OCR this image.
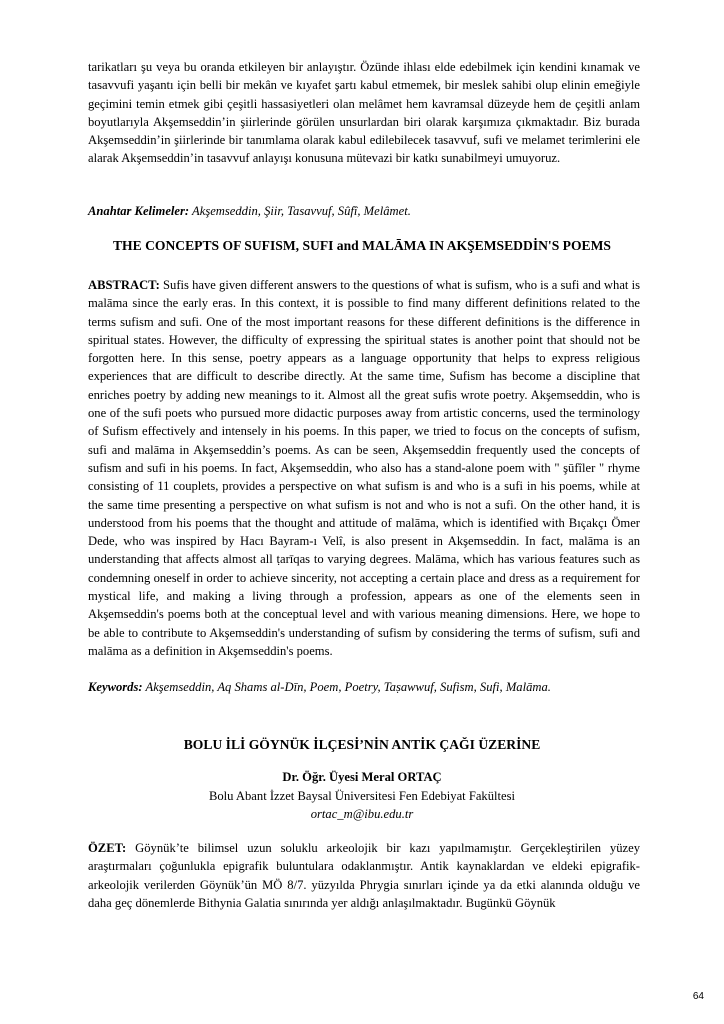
tarikatları şu veya bu oranda etkileyen bir anlayıştır. Özünde ihlası elde edebilmek için kendini kınamak ve tasavvufi yaşantı için belli bir mekân ve kıyafet şartı kabul etmemek, bir meslek sahibi olup elinin emeğiyle geçimini temin etmek gibi çeşitli hassasiyetleri olan melâmet hem kavramsal düzeyde hem de çeşitli anlam boyutlarıyla Akşemseddin’in şiirlerinde görülen unsurlardan biri olarak karşımıza çıkmaktadır. Biz burada Akşemseddin’in şiirlerinde bir tanımlama olarak kabul edilebilecek tasavvuf, sufi ve melamet terimlerini ele alarak Akşemseddin’in tasavvuf anlayışı konusuna mütevazi bir katkı sunabilmeyi umuyoruz.

Anahtar Kelimeler: Akşemseddin, Şiir, Tasavvuf, Sûfî, Melâmet.

THE CONCEPTS OF SUFISM, SUFI and MALĀMA IN AKŞEMSEDDİN'S POEMS

ABSTRACT: Sufis have given different answers to the questions of what is sufism, who is a sufi and what is malāma since the early eras. In this context, it is possible to find many different definitions related to the terms sufism and sufi. One of the most important reasons for these different definitions is the difference in spiritual states. However, the difficulty of expressing the spiritual states is another point that should not be forgotten here. In this sense, poetry appears as a language opportunity that helps to express religious experiences that are difficult to describe directly. At the same time, Sufism has become a discipline that enriches poetry by adding new meanings to it. Almost all the great sufis wrote poetry. Akşemseddin, who is one of the sufi poets who pursued more didactic purposes away from artistic concerns, used the terminology of Sufism effectively and intensely in his poems. In this paper, we tried to focus on the concepts of sufism, sufi and malāma in Akşemseddin’s poems. As can be seen, Akşemseddin frequently used the concepts of sufism and sufi in his poems. In fact, Akşemseddin, who also has a stand-alone poem with " şūfîler " rhyme consisting of 11 couplets, provides a perspective on what sufism is and who is a sufi in his poems, while at the same time presenting a perspective on what sufism is not and who is not a sufi. On the other hand, it is understood from his poems that the thought and attitude of malāma, which is identified with Bıçakçı Ömer Dede, who was inspired by Hacı Bayram-ı Velî, is also present in Akşemseddin. In fact, malāma is an understanding that affects almost all ṭarīqas to varying degrees. Malāma, which has various features such as condemning oneself in order to achieve sincerity, not accepting a certain place and dress as a requirement for mystical life, and making a living through a profession, appears as one of the elements seen in Akşemseddin's poems both at the conceptual level and with various meaning dimensions. Here, we hope to be able to contribute to Akşemseddin's understanding of sufism by considering the terms of sufism, sufi and malāma as a definition in Akşemseddin's poems.

Keywords: Akşemseddin, Aq Shams al-Dīn, Poem, Poetry, Taṣawwuf, Sufism, Sufi, Malāma.

BOLU İLİ GÖYNÜK İLÇESİ’NİN ANTİK ÇAĞI ÜZERİNE

Dr. Öğr. Üyesi Meral ORTAÇ

Bolu Abant İzzet Baysal Üniversitesi Fen Edebiyat Fakültesi

ortac_m@ibu.edu.tr

ÖZET: Göynük’te bilimsel uzun soluklu arkeolojik bir kazı yapılmamıştır. Gerçekleştirilen yüzey araştırmaları çoğunlukla epigrafik buluntulara odaklanmıştır. Antik kaynaklardan ve eldeki epigrafik-arkeolojik verilerden Göynük’ün MÖ 8/7. yüzyılda Phrygia sınırları içinde ya da etki alanında olduğu ve daha geç dönemlerde Bithynia Galatia sınırında yer aldığı anlaşılmaktadır. Bugünkü Göynük

64
